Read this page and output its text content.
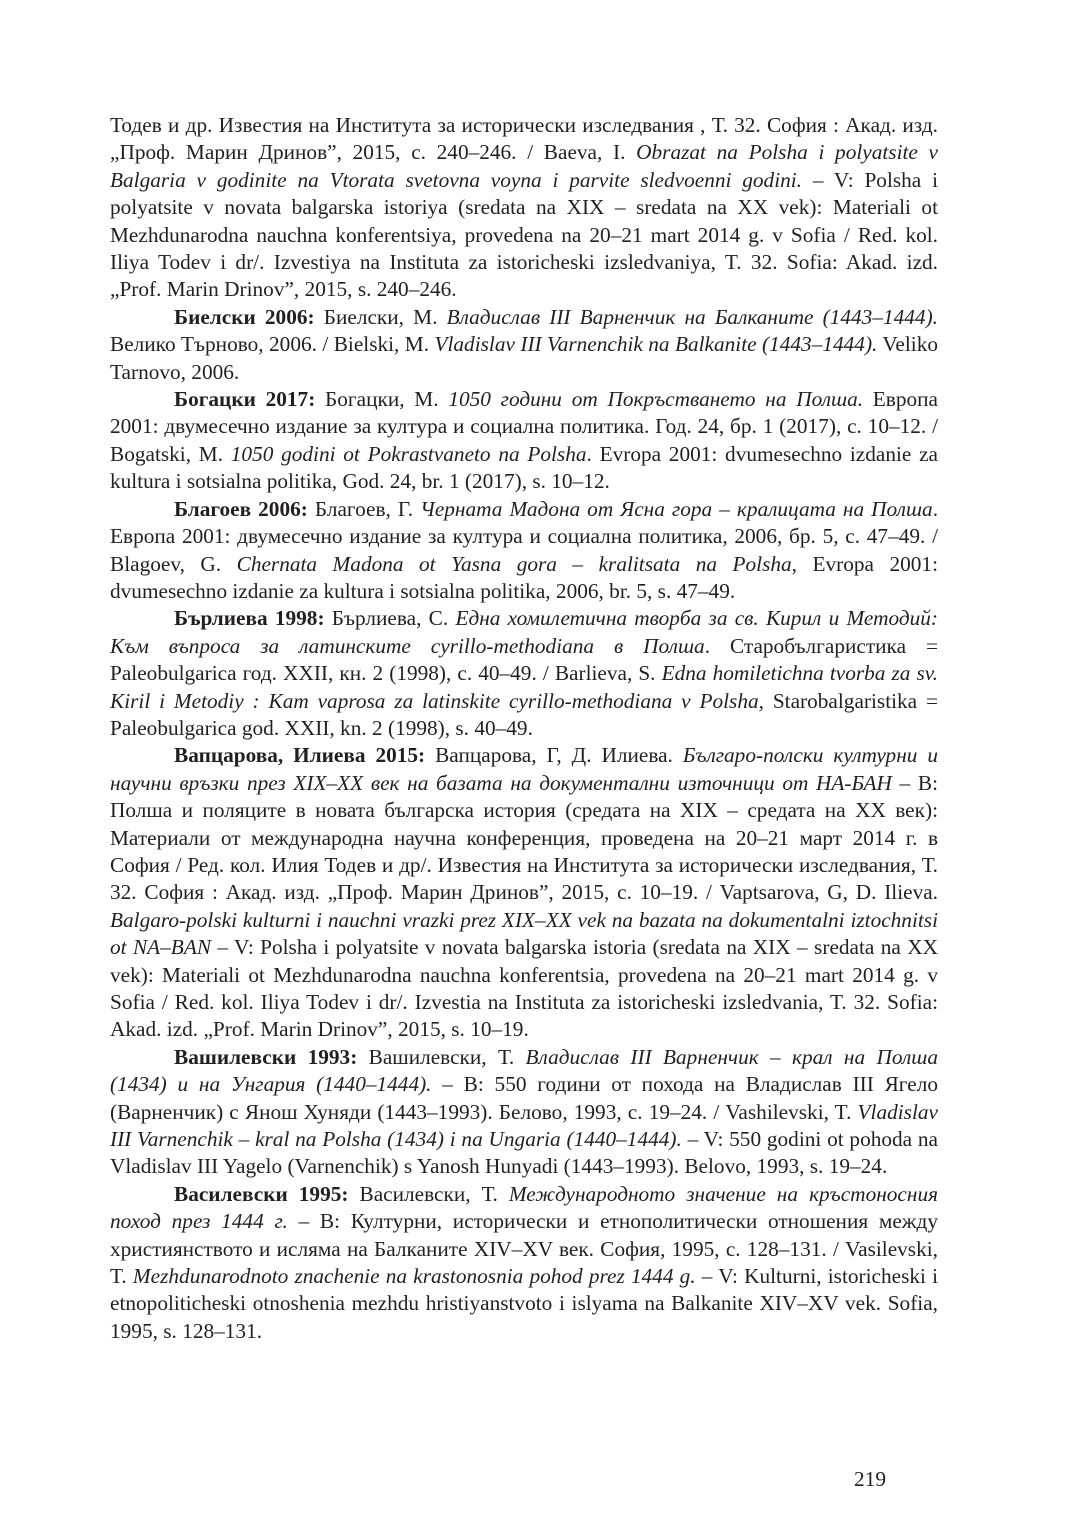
Тодев и др. Известия на Института за исторически изследвания , Т. 32. София : Акад. изд. „Проф. Марин Дринов”, 2015, с. 240–246. / Baeva, I. Obrazat na Polsha i polyatsite v Balgaria v godinite na Vtorata svetovna voyna i parvite sledvoenni godini. – V: Polsha i polyatsite v novata balgarska istoriya (sredata na XIX – sredata na XX vek): Materiali ot Mezhdunarodna nauchna konferentsiya, provedena na 20–21 mart 2014 g. v Sofia / Red. kol. Iliya Todev i dr/. Izvestiya na Instituta za istoricheski izsledvaniya, T. 32. Sofia: Akad. izd. „Prof. Marin Drinov”, 2015, s. 240–246.

Биелски 2006: Биелски, М. Владислав III Варненчик на Балканите (1443–1444). Велико Търново, 2006. / Bielski, M. Vladislav III Varnenchik na Balkanite (1443–1444). Veliko Tarnovo, 2006.

Богацки 2017: Богацки, М. 1050 години от Покръстването на Полша. Европа 2001: двумесечно издание за култура и социална политика. Год. 24, бр. 1 (2017), с. 10–12. / Bogatski, M. 1050 godini ot Pokrastvaneto na Polsha. Evropa 2001: dvumesechno izdanie za kultura i sotsialna politika, God. 24, br. 1 (2017), s. 10–12.

Благоев 2006: Благоев, Г. Черната Мадона от Ясна гора – кралицата на Полша. Европа 2001: двумесечно издание за култура и социална политика, 2006, бр. 5, с. 47–49. / Blagoev, G. Chernata Madona ot Yasna gora – kralitsata na Polsha, Evropa 2001: dvumesechno izdanie za kultura i sotsialna politika, 2006, br. 5, s. 47–49.

Бърлиева 1998: Бърлиева, С. Една хомилетична творба за св. Кирил и Методий: Към въпроса за латинските cyrillo-methodiana в Полша. Старобългаристика = Paleobulgarica год. XXII, кн. 2 (1998), с. 40–49. / Barlieva, S. Edna homiletichna tvorba za sv. Kiril i Metodiy : Kam vaprosa za latinskite cyrillo-methodiana v Polsha, Starobalgaristika = Paleobulgarica god. XXII, kn. 2 (1998), s. 40–49.

Вапцарова, Илиева 2015: Вапцарова, Г, Д. Илиева. Българо-полски културни и научни връзки през XIX–XX век на базата на документални източници от НА-БАН – В: Полша и поляците в новата българска история (средата на XIX – средата на XX век): Материали от международна научна конференция, проведена на 20–21 март 2014 г. в София / Ред. кол. Илия Тодев и др/. Известия на Института за исторически изследвания, Т. 32. София : Акад. изд. „Проф. Марин Дринов”, 2015, с. 10–19. / Vaptsarova, G, D. Ilieva. Balgaro-polski kulturni i nauchni vrazki prez XIX–XX vek na bazata na dokumentalni iztochnitsi ot NA–BAN – V: Polsha i polyatsite v novata balgarska istoria (sredata na XIX – sredata na XX vek): Materiali ot Mezhdunarodna nauchna konferentsia, provedena na 20–21 mart 2014 g. v Sofia / Red. kol. Iliya Todev i dr/. Izvestia na Instituta za istoricheski izsledvania, T. 32. Sofia: Akad. izd. „Prof. Marin Drinov”, 2015, s. 10–19.

Вашилевски 1993: Вашилевски, Т. Владислав III Варненчик – крал на Полша (1434) и на Унгария (1440–1444). – В: 550 години от похода на Владислав III Ягело (Варненчик) с Янош Хуняди (1443–1993). Белово, 1993, с. 19–24. / Vashilevski, T. Vladislav III Varnenchik – kral na Polsha (1434) i na Ungaria (1440–1444). – V: 550 godini ot pohoda na Vladislav III Yagelo (Varnenchik) s Yanosh Hunyadi (1443–1993). Belovo, 1993, s. 19–24.

Василевски 1995: Василевски, Т. Международното значение на кръстоносния поход през 1444 г. – В: Културни, исторически и етнополитически отношения между християнството и исляма на Балканите XIV–XV век. София, 1995, с. 128–131. / Vasilevski, T. Mezhdunarodnoto znachenie na krastonosnia pohod prez 1444 g. – V: Kulturni, istoricheski i etnopoliticheski otnoshenia mezhdu hristiyanstvoto i islyama na Balkanite XIV–XV vek. Sofia, 1995, s. 128–131.

219
